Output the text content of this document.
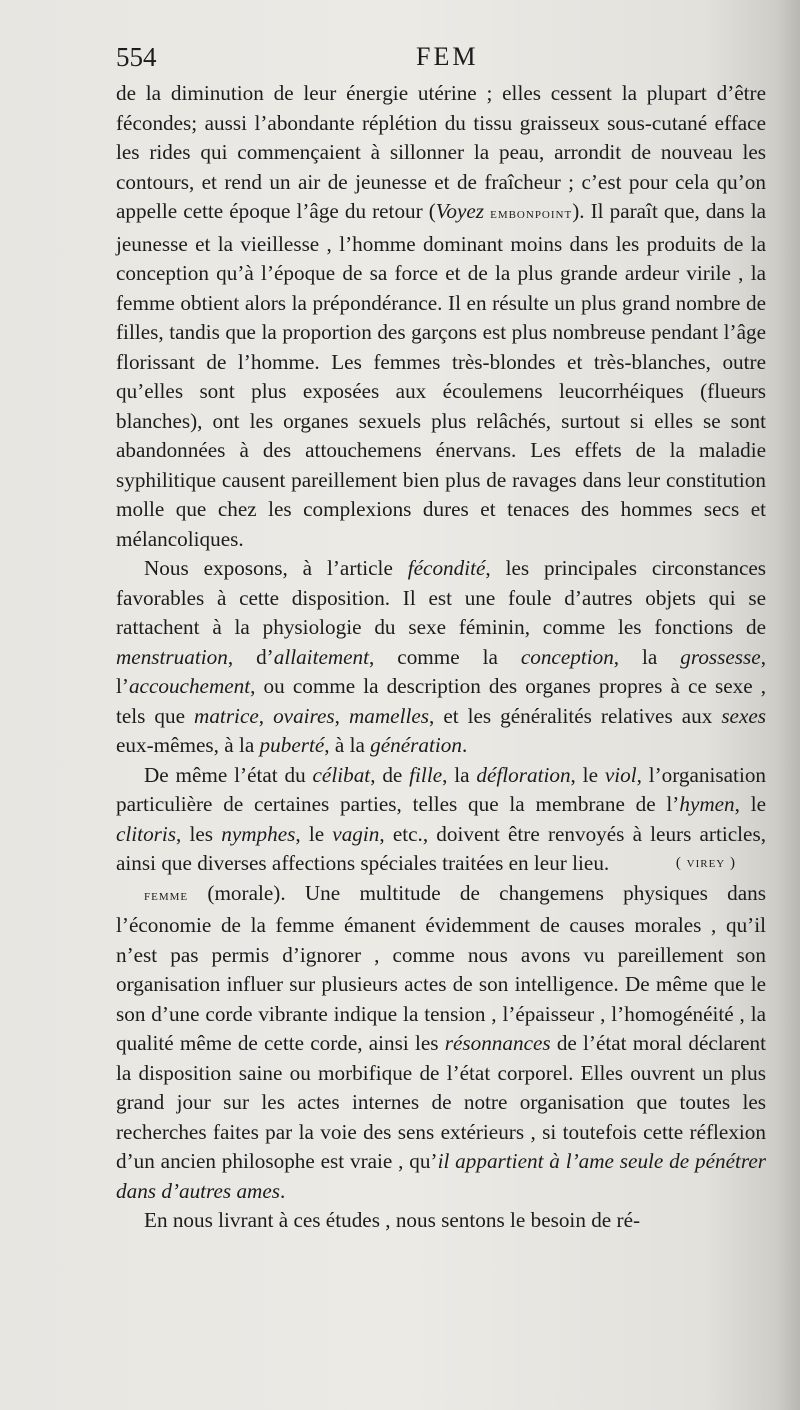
554	FEM

de la diminution de leur énergie utérine ; elles cessent la plupart d’être fécondes; aussi l’abondante réplétion du tissu graisseux sous-cutané efface les rides qui commençaient à sillonner la peau, arrondit de nouveau les contours, et rend un air de jeunesse et de fraîcheur ; c’est pour cela qu’on appelle cette époque l’âge du retour (Voyez embonpoint). Il paraît que, dans la jeunesse et la vieillesse , l’homme dominant moins dans les produits de la conception qu’à l’époque de sa force et de la plus grande ardeur virile , la femme obtient alors la prépondérance. Il en résulte un plus grand nombre de filles, tandis que la proportion des garçons est plus nombreuse pendant l’âge florissant de l’homme. Les femmes très-blondes et très-blanches, outre qu’elles sont plus exposées aux écoulemens leucorrhéiques (flueurs blanches), ont les organes sexuels plus relâchés, surtout si elles se sont abandonnées à des attouchemens énervans. Les effets de la maladie syphilitique causent pareillement bien plus de ravages dans leur constitution molle que chez les complexions dures et tenaces des hommes secs et mélancoliques.

Nous exposons, à l’article fécondité, les principales circonstances favorables à cette disposition. Il est une foule d’autres objets qui se rattachent à la physiologie du sexe féminin, comme les fonctions de menstruation, d’allaitement, comme la conception, la grossesse, l’accouchement, ou comme la description des organes propres à ce sexe , tels que matrice, ovaires, mamelles, et les généralités relatives aux sexes eux-mêmes, à la puberté, à la génération.

De même l’état du célibat, de fille, la défloration, le viol, l’organisation particulière de certaines parties, telles que la membrane de l’hymen, le clitoris, les nymphes, le vagin, etc., doivent être renvoyés à leurs articles, ainsi que diverses affections spéciales traitées en leur lieu.	( virey )

femme (morale). Une multitude de changemens physiques dans l’économie de la femme émanent évidemment de causes morales , qu’il n’est pas permis d’ignorer , comme nous avons vu pareillement son organisation influer sur plusieurs actes de son intelligence. De même que le son d’une corde vibrante indique la tension , l’épaisseur , l’homogénéité , la qualité même de cette corde, ainsi les résonnances de l’état moral déclarent la disposition saine ou morbifique de l’état corporel. Elles ouvrent un plus grand jour sur les actes internes de notre organisation que toutes les recherches faites par la voie des sens extérieurs , si toutefois cette réflexion d’un ancien philosophe est vraie , qu’il appartient à l’ame seule de pénétrer dans d’autres ames.

En nous livrant à ces études , nous sentons le besoin de ré-
